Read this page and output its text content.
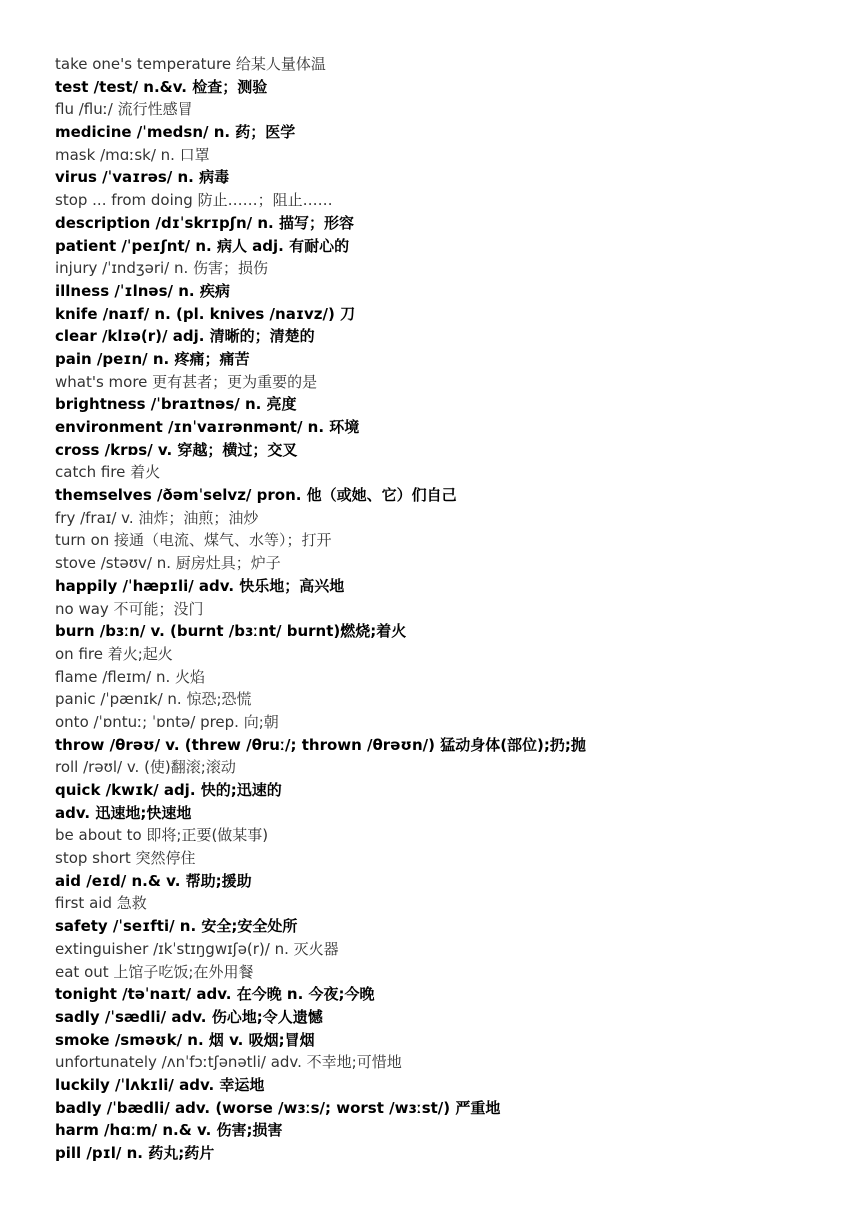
take one's temperature 给某人量体温
test /test/ n.&v. 检查；测验
flu /fluː/ 流行性感冒
medicine /ˈmedsn/ n. 药；医学
mask /mɑːsk/ n. 口罩
virus /ˈvaɪrəs/ n. 病毒
stop ... from doing 防止……；阻止……
description /dɪˈskrɪpʃn/ n. 描写；形容
patient /ˈpeɪʃnt/ n. 病人 adj. 有耐心的
injury /ˈɪndʒəri/ n. 伤害；损伤
illness /ˈɪlnəs/ n. 疾病
knife /naɪf/ n. (pl. knives /naɪvz/) 刀
clear /klɪə(r)/ adj. 清晰的；清楚的
pain /peɪn/ n. 疼痛；痛苦
what's more 更有甚者；更为重要的是
brightness /ˈbraɪtnəs/ n. 亮度
environment /ɪnˈvaɪrənmənt/ n. 环境
cross /krɒs/ v. 穿越；横过；交叉
catch fire 着火
themselves /ðəmˈselvz/ pron. 他（或她、它）们自己
fry /fraɪ/ v. 油炸；油煎；油炒
turn on 接通（电流、煤气、水等）；打开
stove /stəʊv/ n. 厨房灶具；炉子
happily /ˈhæpɪli/ adv. 快乐地；高兴地
no way 不可能；没门
burn /bɜːn/ v. (burnt /bɜːnt/ burnt)燃烧;着火
on fire 着火;起火
flame /fleɪm/ n. 火焰
panic /ˈpænɪk/ n. 惊恐;恐慌
onto /ˈɒntuː; ˈɒntə/ prep. 向;朝
throw /θrəʊ/ v. (threw /θruː/; thrown /θrəʊn/) 猛动身体(部位);扔;抛
roll /rəʊl/ v. (使)翻滚;滚动
quick /kwɪk/ adj. 快的;迅速的
adv. 迅速地;快速地
be about to 即将;正要(做某事)
stop short 突然停住
aid /eɪd/ n.& v. 帮助;援助
first aid 急救
safety /ˈseɪfti/ n. 安全;安全处所
extinguisher /ɪkˈstɪŋgwɪʃə(r)/ n. 灭火器
eat out 上馆子吃饭;在外用餐
tonight /təˈnaɪt/ adv. 在今晚 n. 今夜;今晚
sadly /ˈsædli/ adv. 伤心地;令人遗憾
smoke /sməʊk/ n. 烟 v. 吸烟;冒烟
unfortunately /ʌnˈfɔːtʃənətli/ adv. 不幸地;可惜地
luckily /ˈlʌkɪli/ adv. 幸运地
badly /ˈbædli/ adv. (worse /wɜːs/; worst /wɜːst/) 严重地
harm /hɑːm/ n.& v. 伤害;损害
pill /pɪl/ n. 药丸;药片
